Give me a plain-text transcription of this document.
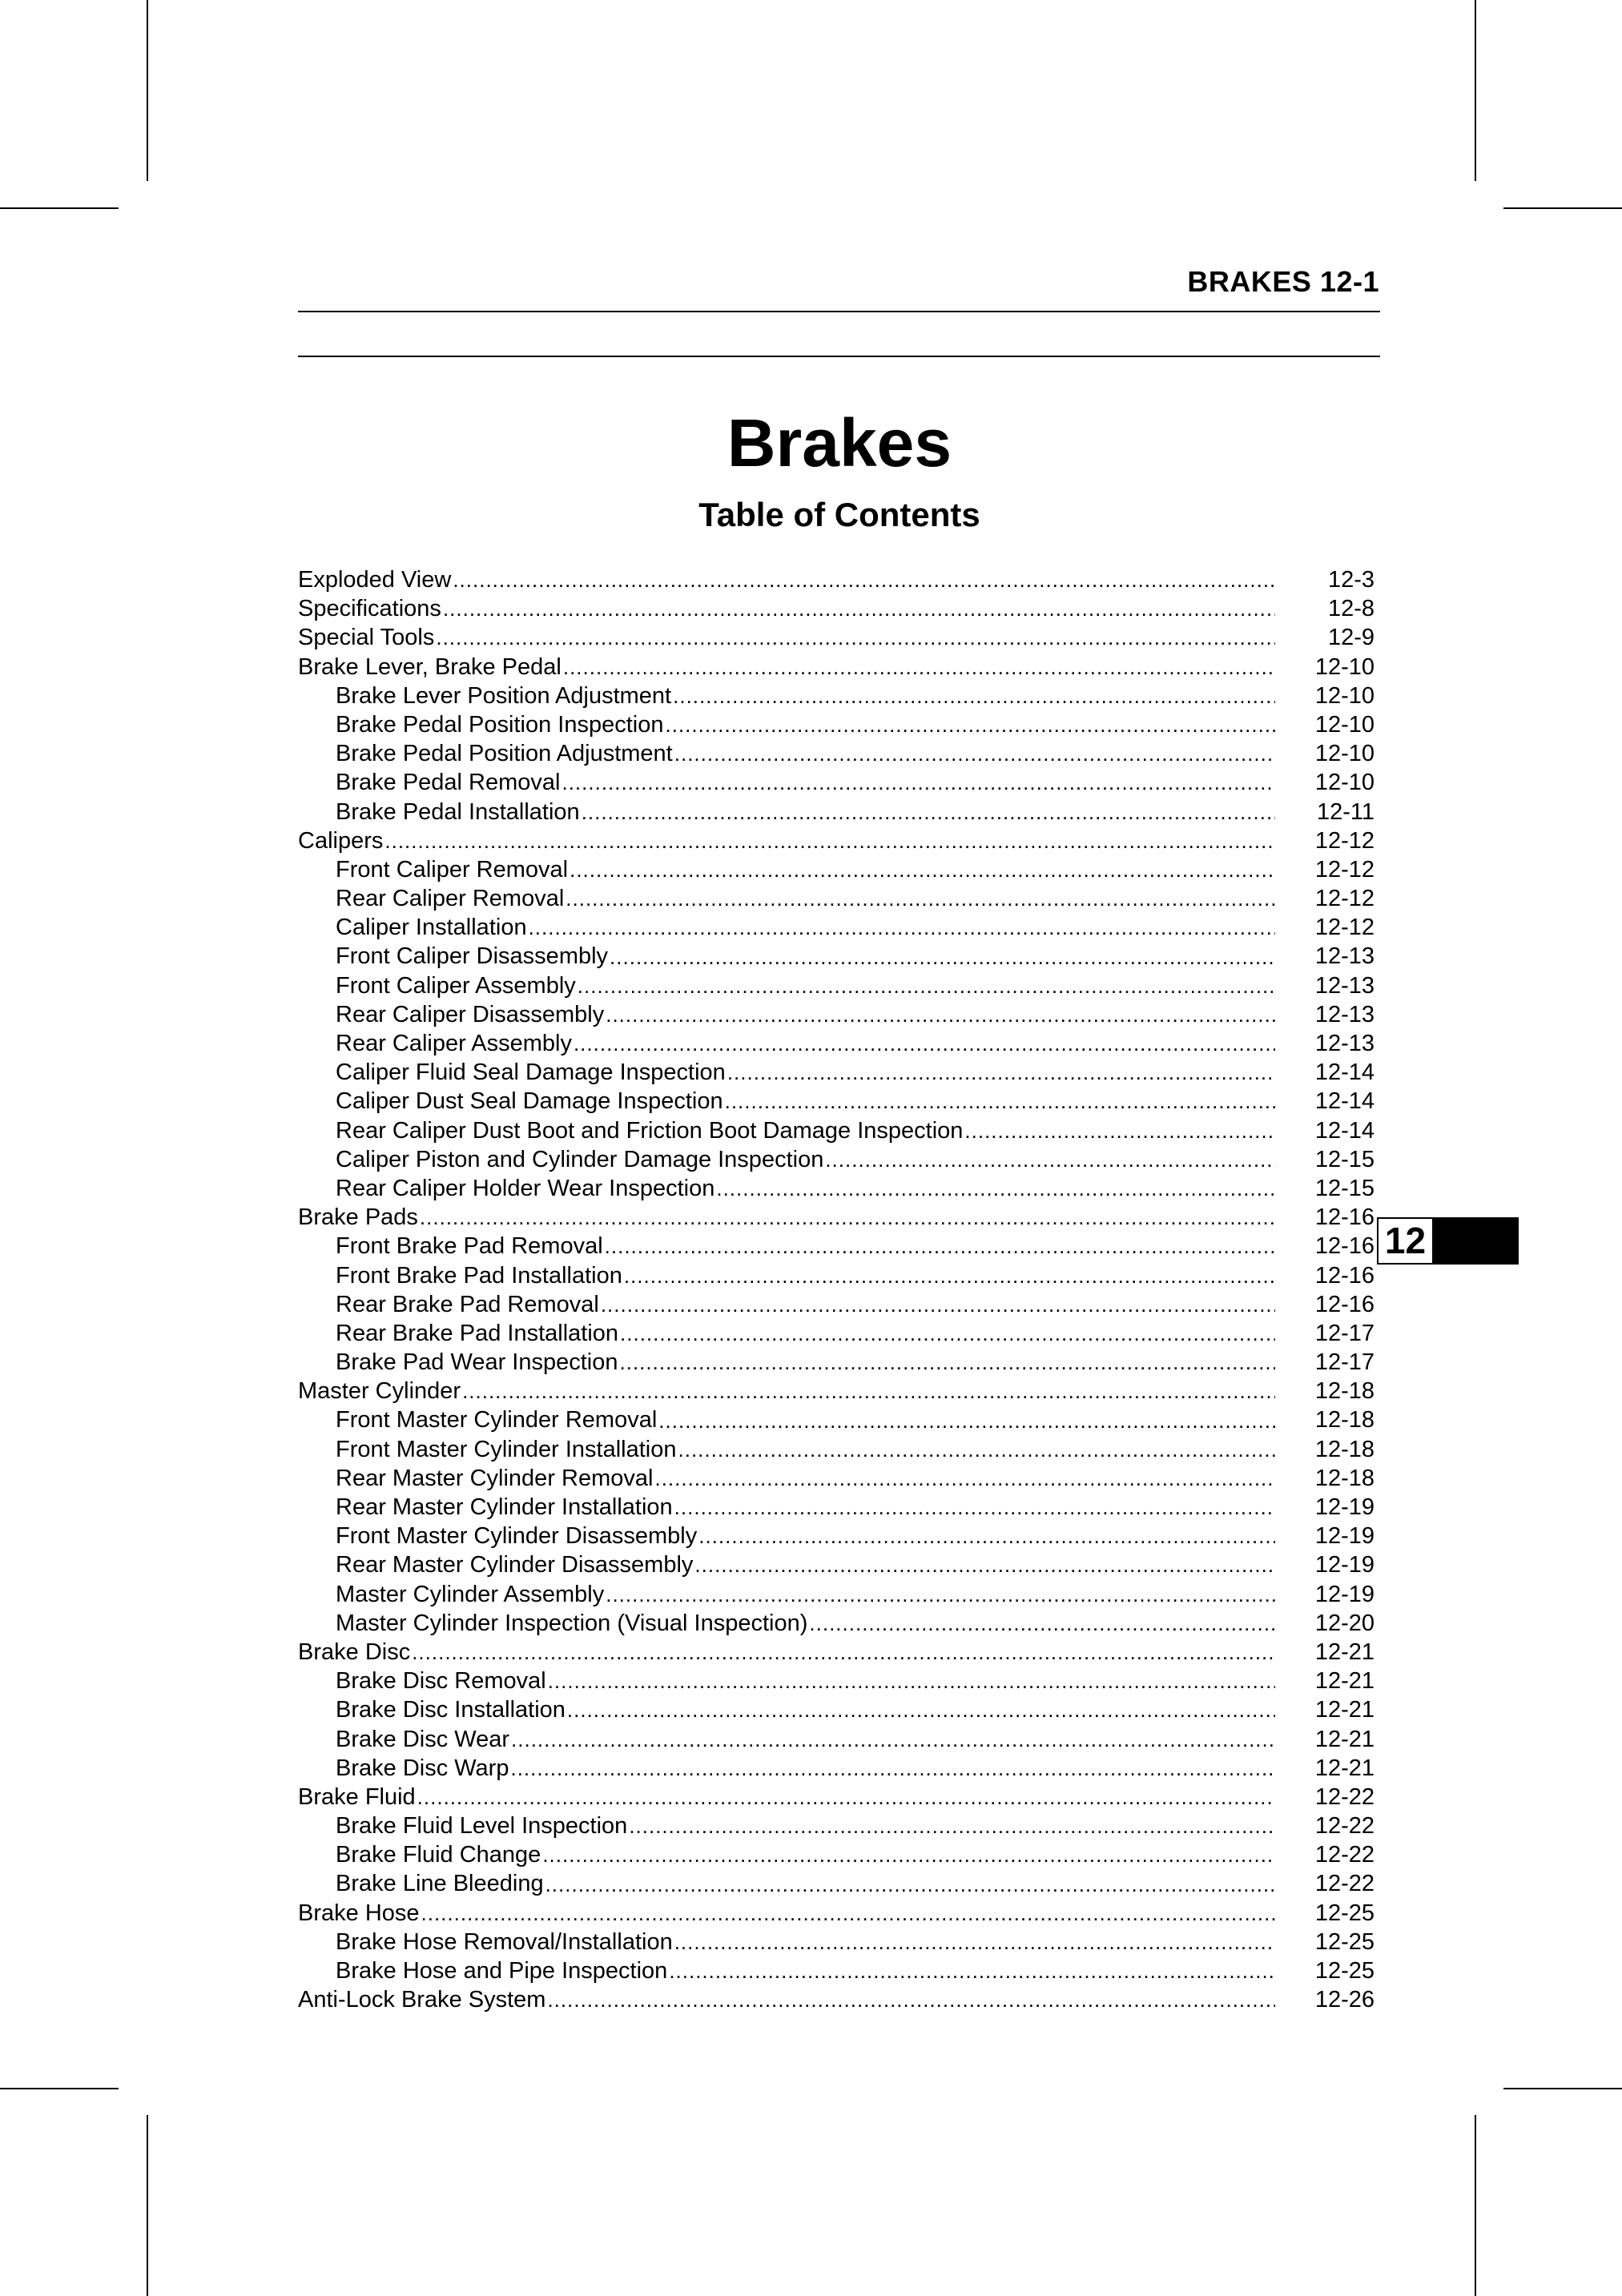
BRAKES 12-1
Brakes
Table of Contents
Exploded View .....	12-3
Specifications .....	12-8
Special Tools .....	12-9
Brake Lever, Brake Pedal .....	12-10
Brake Lever Position Adjustment .....	12-10
Brake Pedal Position Inspection .....	12-10
Brake Pedal Position Adjustment .....	12-10
Brake Pedal Removal .....	12-10
Brake Pedal Installation .....	12-11
Calipers .....	12-12
Front Caliper Removal .....	12-12
Rear Caliper Removal .....	12-12
Caliper Installation .....	12-12
Front Caliper Disassembly .....	12-13
Front Caliper Assembly .....	12-13
Rear Caliper Disassembly .....	12-13
Rear Caliper Assembly .....	12-13
Caliper Fluid Seal Damage Inspection .....	12-14
Caliper Dust Seal Damage Inspection .....	12-14
Rear Caliper Dust Boot and Friction Boot Damage Inspection .....	12-14
Caliper Piston and Cylinder Damage Inspection .....	12-15
Rear Caliper Holder Wear Inspection .....	12-15
Brake Pads .....	12-16
Front Brake Pad Removal .....	12-16
Front Brake Pad Installation .....	12-16
Rear Brake Pad Removal .....	12-16
Rear Brake Pad Installation .....	12-17
Brake Pad Wear Inspection .....	12-17
Master Cylinder .....	12-18
Front Master Cylinder Removal .....	12-18
Front Master Cylinder Installation .....	12-18
Rear Master Cylinder Removal .....	12-18
Rear Master Cylinder Installation .....	12-19
Front Master Cylinder Disassembly .....	12-19
Rear Master Cylinder Disassembly .....	12-19
Master Cylinder Assembly .....	12-19
Master Cylinder Inspection (Visual Inspection) .....	12-20
Brake Disc .....	12-21
Brake Disc Removal .....	12-21
Brake Disc Installation .....	12-21
Brake Disc Wear .....	12-21
Brake Disc Warp .....	12-21
Brake Fluid .....	12-22
Brake Fluid Level Inspection .....	12-22
Brake Fluid Change .....	12-22
Brake Line Bleeding .....	12-22
Brake Hose .....	12-25
Brake Hose Removal/Installation .....	12-25
Brake Hose and Pipe Inspection .....	12-25
Anti-Lock Brake System .....	12-26
12
